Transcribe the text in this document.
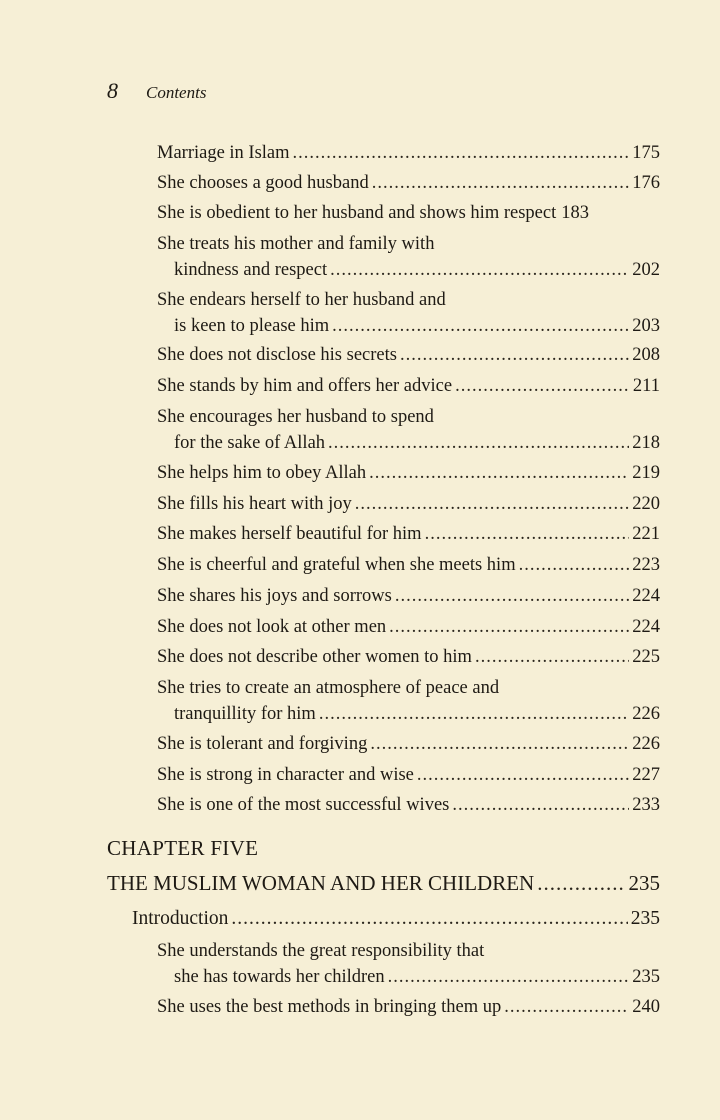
8 Contents
Marriage in Islam .....	175
She chooses a good husband .....	176
She is obedient to her husband and shows him respect 183
She treats his mother and family with
kindness and respect .....	202
She endears herself to her husband and
is keen to please him .....	203
She does not disclose his secrets .....	208
She stands by him and offers her advice .....	211
She encourages her husband to spend
for the sake of Allah .....	218
She helps him to obey Allah .....	219
She fills his heart with joy .....	220
She makes herself beautiful for him .....	221
She is cheerful and grateful when she meets him .....	223
She shares his joys and sorrows .....	224
She does not look at other men .....	224
She does not describe other women to him .....	225
She tries to create an atmosphere of peace and
tranquillity for him .....	226
She is tolerant and forgiving .....	226
She is strong in character and wise .....	227
She is one of the most successful wives .....	233
CHAPTER FIVE
THE MUSLIM WOMAN AND HER CHILDREN .....	235
Introduction .....	235
She understands the great responsibility that
she has towards her children .....	235
She uses the best methods in bringing them up .....	240
